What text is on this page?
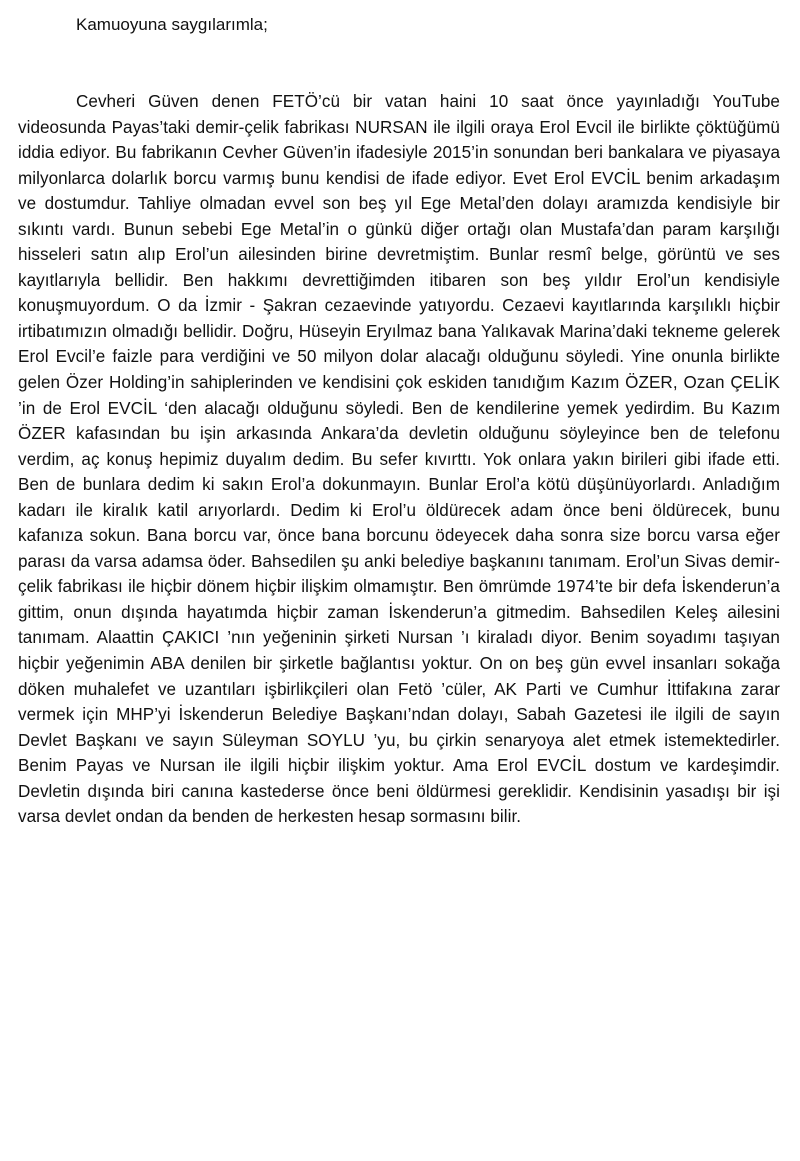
Kamuoyuna saygılarımla;

Cevheri Güven denen FETÖ’cü bir vatan haini 10 saat önce yayınladığı YouTube videosunda Payas’taki demir-çelik fabrikası NURSAN ile ilgili oraya Erol Evcil ile birlikte çöktüğümü iddia ediyor. Bu fabrikanın Cevher Güven’in ifadesiyle 2015’in sonundan beri bankalara ve piyasaya milyonlarca dolarlık borcu varmış bunu kendisi de ifade ediyor. Evet Erol EVCİL benim arkadaşım ve dostumdur. Tahliye olmadan evvel son beş yıl Ege Metal’den dolayı aramızda kendisiyle bir sıkıntı vardı. Bunun sebebi Ege Metal’in o günkü diğer ortağı olan Mustafa’dan param karşılığı hisseleri satın alıp Erol’un ailesinden birine devretmiştim. Bunlar resmî belge, görüntü ve ses kayıtlarıyla bellidir. Ben hakkımı devrettiğimden itibaren son beş yıldır Erol’un kendisiyle konuşmuyordum. O da İzmir - Şakran cezaevinde yatıyordu. Cezaevi kayıtlarında karşılıklı hiçbir irtibatımızın olmadığı bellidir. Doğru, Hüseyin Eryılmaz bana Yalıkavak Marina’daki tekneme gelerek Erol Evcil’e faizle para verdiğini ve 50 milyon dolar alacağı olduğunu söyledi. Yine onunla birlikte gelen Özer Holding’in sahiplerinden ve kendisini çok eskiden tanıdığım Kazım ÖZER, Ozan ÇELİK ’in de Erol EVCİL ‘den alacağı olduğunu söyledi. Ben de kendilerine yemek yedirdim. Bu Kazım ÖZER kafasından bu işin arkasında Ankara’da devletin olduğunu söyleyince ben de telefonu verdim, aç konuş hepimiz duyalım dedim. Bu sefer kıvırttı. Yok onlara yakın birileri gibi ifade etti. Ben de bunlara dedim ki sakın Erol’a dokunmayın. Bunlar Erol’a kötü düşünüyorlardı. Anladığım kadarı ile kiralık katil arıyorlardı. Dedim ki Erol’u öldürecek adam önce beni öldürecek, bunu kafanıza sokun. Bana borcu var, önce bana borcunu ödeyecek daha sonra size borcu varsa eğer parası da varsa adamsa öder. Bahsedilen şu anki belediye başkanını tanımam. Erol’un Sivas demir-çelik fabrikası ile hiçbir dönem hiçbir ilişkim olmamıştır. Ben ömrümde 1974’te bir defa İskenderun’a gittim, onun dışında hayatımda hiçbir zaman İskenderun’a gitmedim. Bahsedilen Keleş ailesini tanımam. Alaattin ÇAKICI ’nın yeğeninin şirketi Nursan ’ı kiraladı diyor. Benim soyadımı taşıyan hiçbir yeğenimin ABA denilen bir şirketle bağlantısı yoktur. On on beş gün evvel insanları sokağa döken muhalefet ve uzantıları işbirlikçileri olan Fetö ’cüler, AK Parti ve Cumhur İttifakına zarar vermek için MHP’yi İskenderun Belediye Başkanı’ndan dolayı, Sabah Gazetesi ile ilgili de sayın Devlet Başkanı ve sayın Süleyman SOYLU ’yu, bu çirkin senaryoya alet etmek istemektedirler. Benim Payas ve Nursan ile ilgili hiçbir ilişkim yoktur. Ama Erol EVCİL dostum ve kardeşimdir. Devletin dışında biri canına kastederse önce beni öldürmesi gereklidir. Kendisinin yasadışı bir işi varsa devlet ondan da benden de herkesten hesap sormasını bilir.
